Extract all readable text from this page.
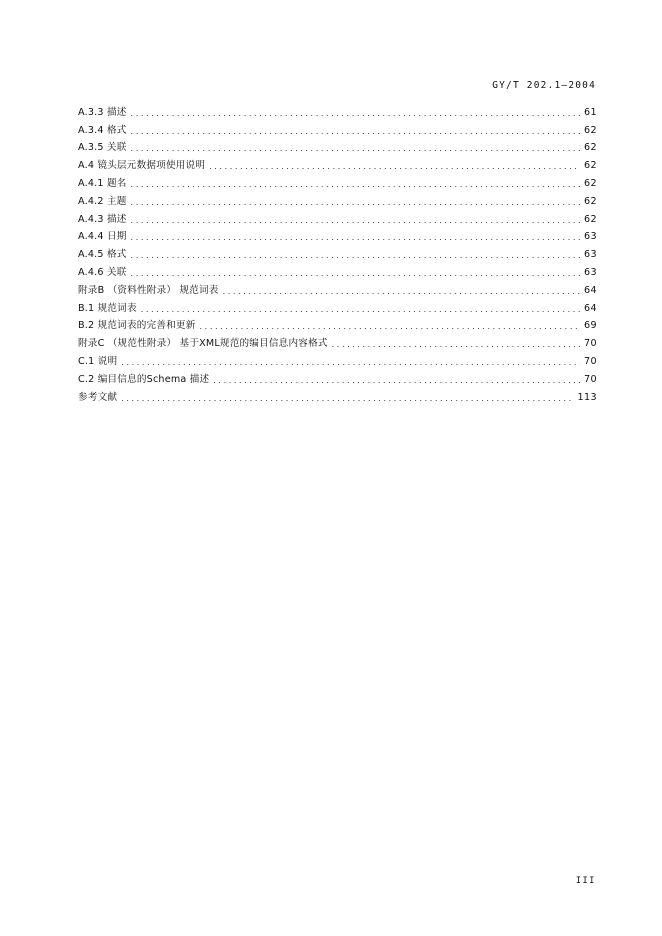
GY/T 202.1—2004
A.3.3 描述 .....	61
A.3.4 格式 .....	62
A.3.5 关联 .....	62
A.4 镜头层元数据项使用说明 .....	62
A.4.1 题名 .....	62
A.4.2 主题 .....	62
A.4.3 描述 .....	62
A.4.4 日期 .....	63
A.4.5 格式 .....	63
A.4.6 关联 .....	63
附录B （资料性附录） 规范词表 .....	64
B.1 规范词表 .....	64
B.2 规范词表的完善和更新 .....	69
附录C （规范性附录） 基于XML规范的编目信息内容格式 .....	70
C.1 说明 .....	70
C.2 编目信息的Schema 描述 .....	70
参考文献 .....	113
III
